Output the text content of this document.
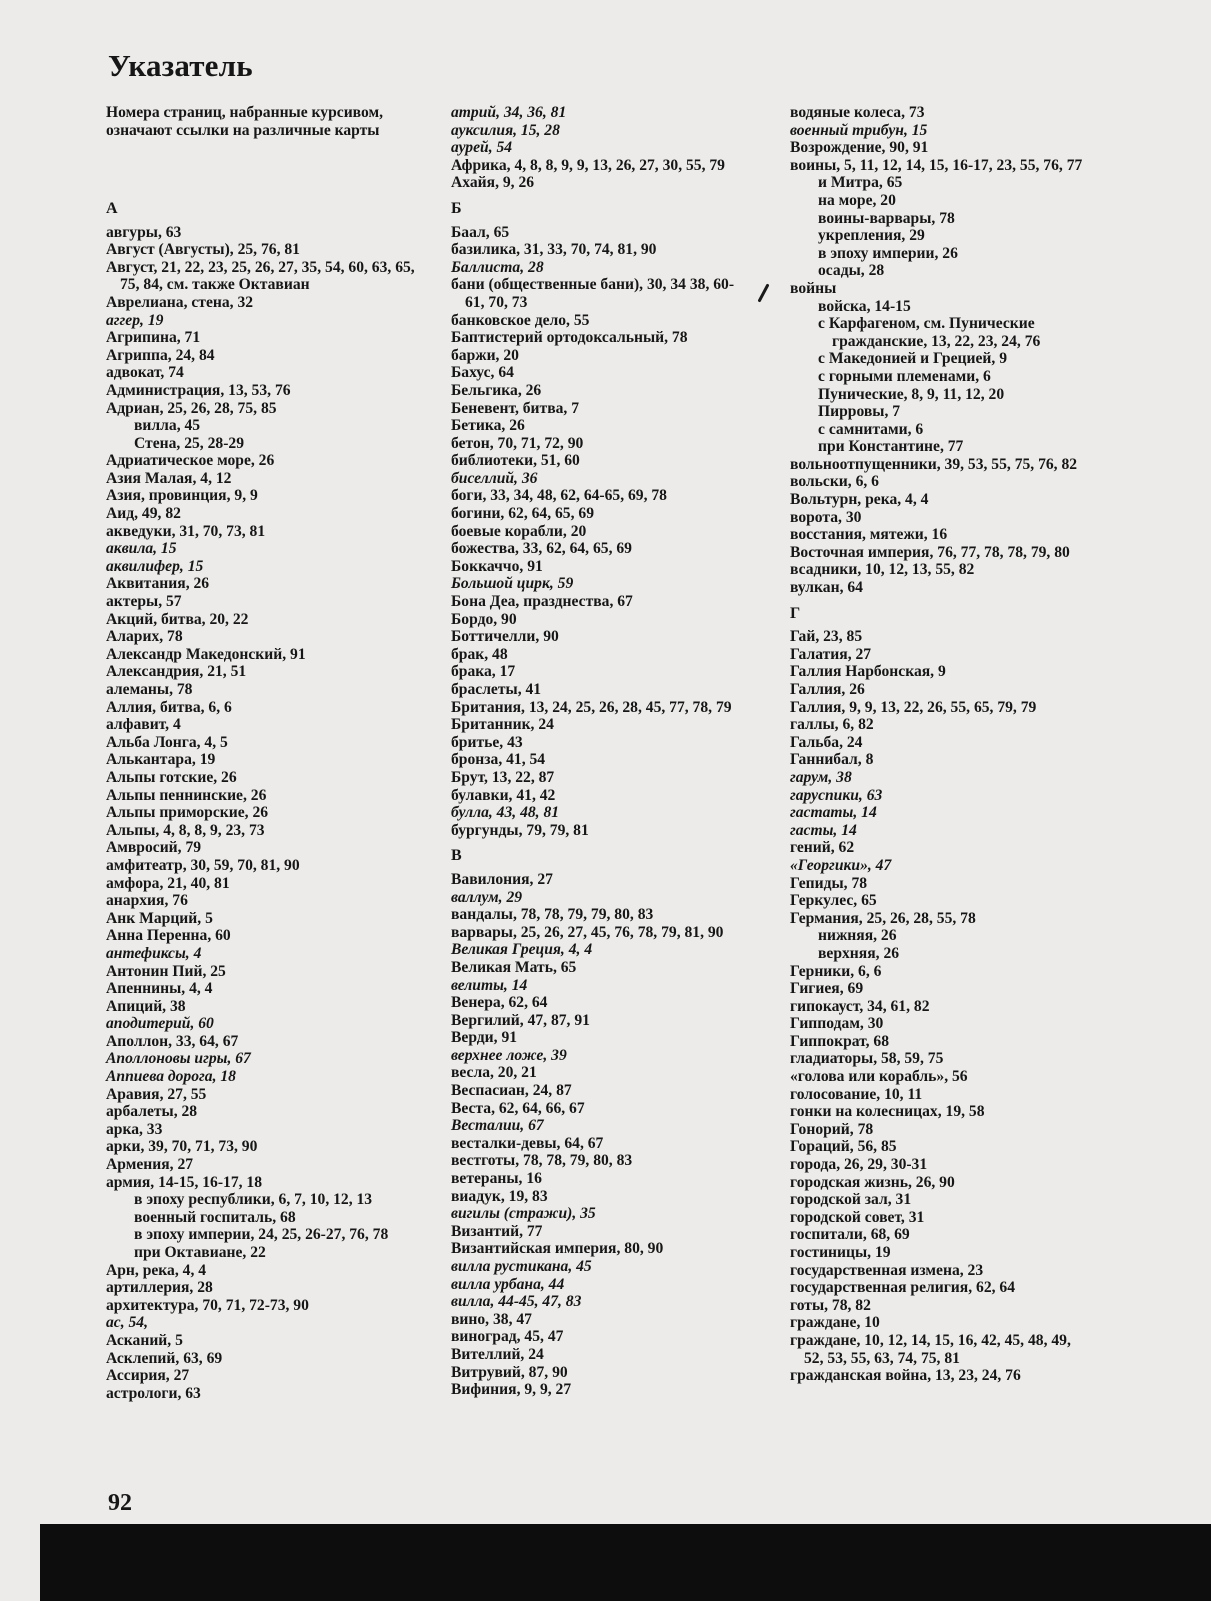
Указатель
Номера страниц, набранные курсивом, означают ссылки на различные карты
А
авгуры, 63
Август (Августы), 25, 76, 81
Август, 21, 22, 23, 25, 26, 27, 35, 54, 60, 63, 65, 75, 84, см. также Октавиан
Аврелиана, стена, 32
аггер, 19
Агрипина, 71
Агриппа, 24, 84
адвокат, 74
Администрация, 13, 53, 76
Адриан, 25, 26, 28, 75, 85
вилла, 45
Стена, 25, 28-29
Адриатическое море, 26
Азия Малая, 4, 12
Азия, провинция, 9, 9
Аид, 49, 82
акведуки, 31, 70, 73, 81
аквила, 15
аквилифер, 15
Аквитания, 26
актеры, 57
Акций, битва, 20, 22
Аларих, 78
Александр Македонский, 91
Александрия, 21, 51
алеманы, 78
Аллия, битва, 6, 6
алфавит, 4
Альба Лонга, 4, 5
Алькантара, 19
Альпы готские, 26
Альпы пеннинские, 26
Альпы приморские, 26
Альпы, 4, 8, 8, 9, 23, 73
Амвросий, 79
амфитеатр, 30, 59, 70, 81, 90
амфора, 21, 40, 81
анархия, 76
Анк Марций, 5
Анна Перенна, 60
антефиксы, 4
Антонин Пий, 25
Апеннины, 4, 4
Апиций, 38
аподитерий, 60
Аполлон, 33, 64, 67
Аполлоновы игры, 67
Аппиева дорога, 18
Аравия, 27, 55
арбалеты, 28
арка, 33
арки, 39, 70, 71, 73, 90
Армения, 27
армия, 14-15, 16-17, 18
в эпоху республики, 6, 7, 10, 12, 13
военный госпиталь, 68
в эпоху империи, 24, 25, 26-27, 76, 78
при Октавиане, 22
Арн, река, 4, 4
артиллерия, 28
архитектура, 70, 71, 72-73, 90
ас, 54,
Асканий, 5
Асклепий, 63, 69
Ассирия, 27
астрологи, 63
атрий, 34, 36, 81
ауксилия, 15, 28
аурей, 54
Африка, 4, 8, 8, 9, 9, 13, 26, 27, 30, 55, 79
Ахайя, 9, 26
Б
Баал, 65
базилика, 31, 33, 70, 74, 81, 90
Баллиста, 28
бани (общественные бани), 30, 34 38, 60-61, 70, 73
банковское дело, 55
Баптистерий ортодоксальный, 78
баржи, 20
Бахус, 64
Бельгика, 26
Беневент, битва, 7
Бетика, 26
бетон, 70, 71, 72, 90
библиотеки, 51, 60
биселлий, 36
боги, 33, 34, 48, 62, 64-65, 69, 78
богини, 62, 64, 65, 69
боевые корабли, 20
божества, 33, 62, 64, 65, 69
Боккаччо, 91
Большой цирк, 59
Бона Деа, празднества, 67
Бордо, 90
Боттичелли, 90
брак, 48
брака, 17
браслеты, 41
Британия, 13, 24, 25, 26, 28, 45, 77, 78, 79
Британник, 24
бритье, 43
бронза, 41, 54
Брут, 13, 22, 87
булавки, 41, 42
булла, 43, 48, 81
бургунды, 79, 79, 81
В
Вавилония, 27
валлум, 29
вандалы, 78, 78, 79, 79, 80, 83
варвары, 25, 26, 27, 45, 76, 78, 79, 81, 90
Великая Греция, 4, 4
Великая Мать, 65
велиты, 14
Венера, 62, 64
Вергилий, 47, 87, 91
Верди, 91
верхнее ложе, 39
весла, 20, 21
Веспасиан, 24, 87
Веста, 62, 64, 66, 67
Весталии, 67
весталки-девы, 64, 67
вестготы, 78, 78, 79, 80, 83
ветераны, 16
виадук, 19, 83
вигилы (стражи), 35
Византий, 77
Византийская империя, 80, 90
вилла рустикана, 45
вилла урбана, 44
вилла, 44-45, 47, 83
вино, 38, 47
виноград, 45, 47
Вителлий, 24
Витрувий, 87, 90
Вифиния, 9, 9, 27
водяные колеса, 73
военный трибун, 15
Возрождение, 90, 91
воины, 5, 11, 12, 14, 15, 16-17, 23, 55, 76, 77
и Митра, 65
на море, 20
воины-варвары, 78
укрепления, 29
в эпоху империи, 26
осады, 28
войны
войска, 14-15
с Карфагеном, см. Пунические гражданские, 13, 22, 23, 24, 76
с Македонией и Грецией, 9
с горными племенами, 6
Пунические, 8, 9, 11, 12, 20
Пирровы, 7
с самнитами, 6
при Константине, 77
вольноотпущенники, 39, 53, 55, 75, 76, 82
вольски, 6, 6
Вольтурн, река, 4, 4
ворота, 30
восстания, мятежи, 16
Восточная империя, 76, 77, 78, 78, 79, 80
всадники, 10, 12, 13, 55, 82
вулкан, 64
Г
Гай, 23, 85
Галатия, 27
Галлия Нарбонская, 9
Галлия, 26
Галлия, 9, 9, 13, 22, 26, 55, 65, 79, 79
галлы, 6, 82
Гальба, 24
Ганнибал, 8
гарум, 38
гаруспики, 63
гастаты, 14
гасты, 14
гений, 62
«Георгики», 47
Гепиды, 78
Геркулес, 65
Германия, 25, 26, 28, 55, 78
нижняя, 26
верхняя, 26
Герники, 6, 6
Гигиея, 69
гипокауст, 34, 61, 82
Гипподам, 30
Гиппократ, 68
гладиаторы, 58, 59, 75
«голова или корабль», 56
голосование, 10, 11
гонки на колесницах, 19, 58
Гонорий, 78
Гораций, 56, 85
города, 26, 29, 30-31
городская жизнь, 26, 90
городской зал, 31
городской совет, 31
госпитали, 68, 69
гостиницы, 19
государственная измена, 23
государственная религия, 62, 64
готы, 78, 82
граждане, 10
граждане, 10, 12, 14, 15, 16, 42, 45, 48, 49, 52, 53, 55, 63, 74, 75, 81
гражданская война, 13, 23, 24, 76
92
